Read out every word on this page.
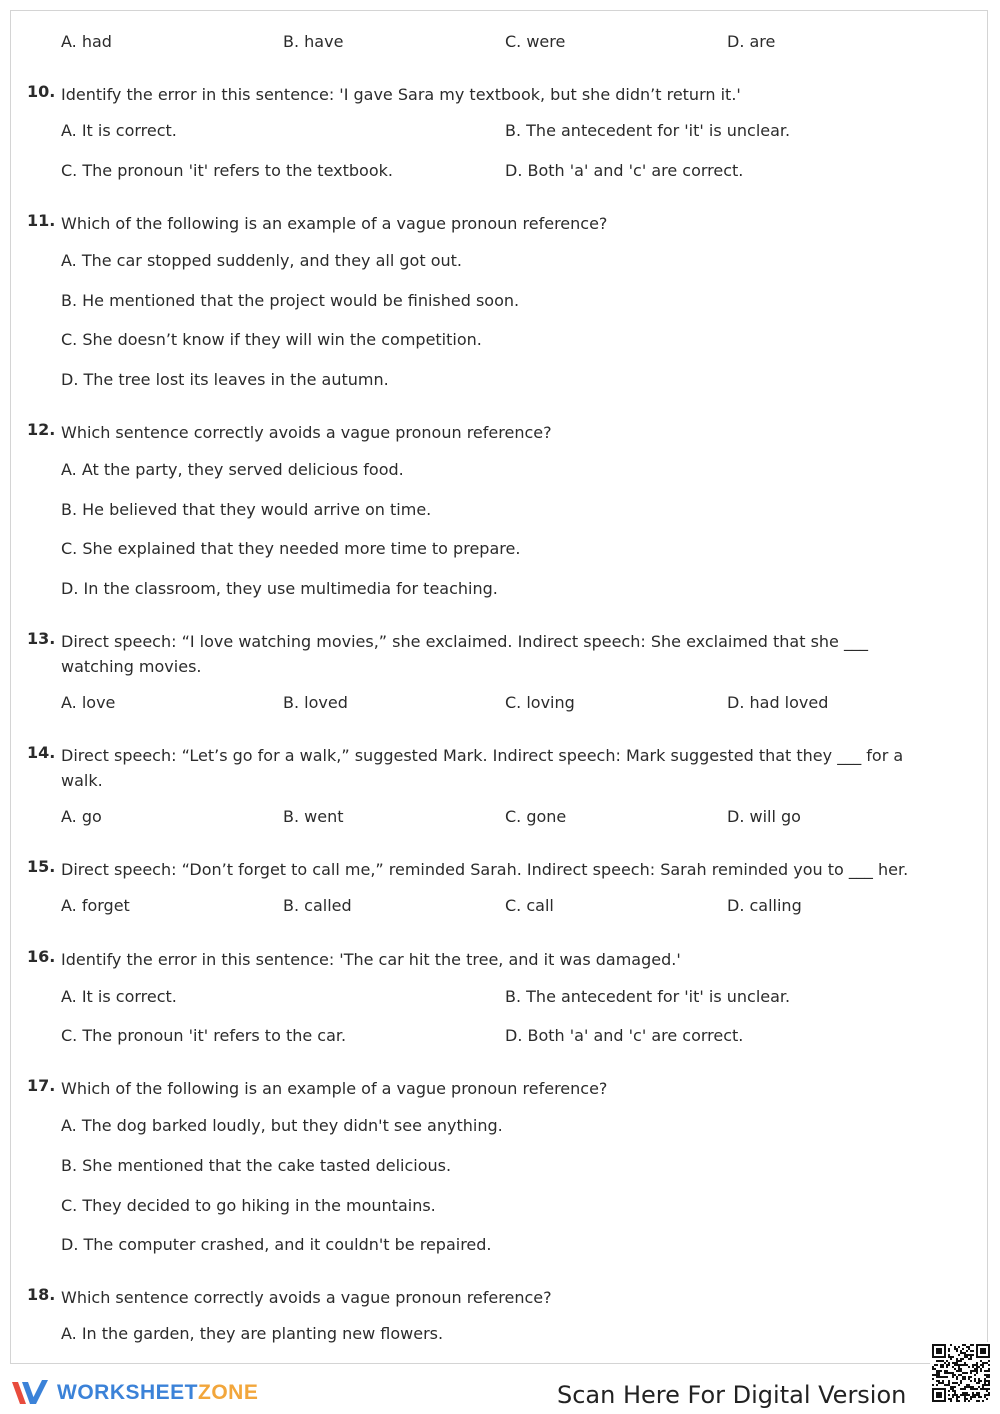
A. had	B. have	C. were	D. are
10. Identify the error in this sentence: 'I gave Sara my textbook, but she didn’t return it.'
A. It is correct.	B. The antecedent for 'it' is unclear.
C. The pronoun 'it' refers to the textbook.	D. Both 'a' and 'c' are correct.
11. Which of the following is an example of a vague pronoun reference?
A. The car stopped suddenly, and they all got out.
B. He mentioned that the project would be finished soon.
C. She doesn’t know if they will win the competition.
D. The tree lost its leaves in the autumn.
12. Which sentence correctly avoids a vague pronoun reference?
A. At the party, they served delicious food.
B. He believed that they would arrive on time.
C. She explained that they needed more time to prepare.
D. In the classroom, they use multimedia for teaching.
13. Direct speech: “I love watching movies,” she exclaimed. Indirect speech: She exclaimed that she ___ watching movies.
A. love	B. loved	C. loving	D. had loved
14. Direct speech: “Let’s go for a walk,” suggested Mark. Indirect speech: Mark suggested that they ___ for a walk.
A. go	B. went	C. gone	D. will go
15. Direct speech: “Don’t forget to call me,” reminded Sarah. Indirect speech: Sarah reminded you to ___ her.
A. forget	B. called	C. call	D. calling
16. Identify the error in this sentence: 'The car hit the tree, and it was damaged.'
A. It is correct.	B. The antecedent for 'it' is unclear.
C. The pronoun 'it' refers to the car.	D. Both 'a' and 'c' are correct.
17. Which of the following is an example of a vague pronoun reference?
A. The dog barked loudly, but they didn't see anything.
B. She mentioned that the cake tasted delicious.
C. They decided to go hiking in the mountains.
D. The computer crashed, and it couldn't be repaired.
18. Which sentence correctly avoids a vague pronoun reference?
A. In the garden, they are planting new flowers.
WORKSHEETZONE	Scan Here For Digital Version
